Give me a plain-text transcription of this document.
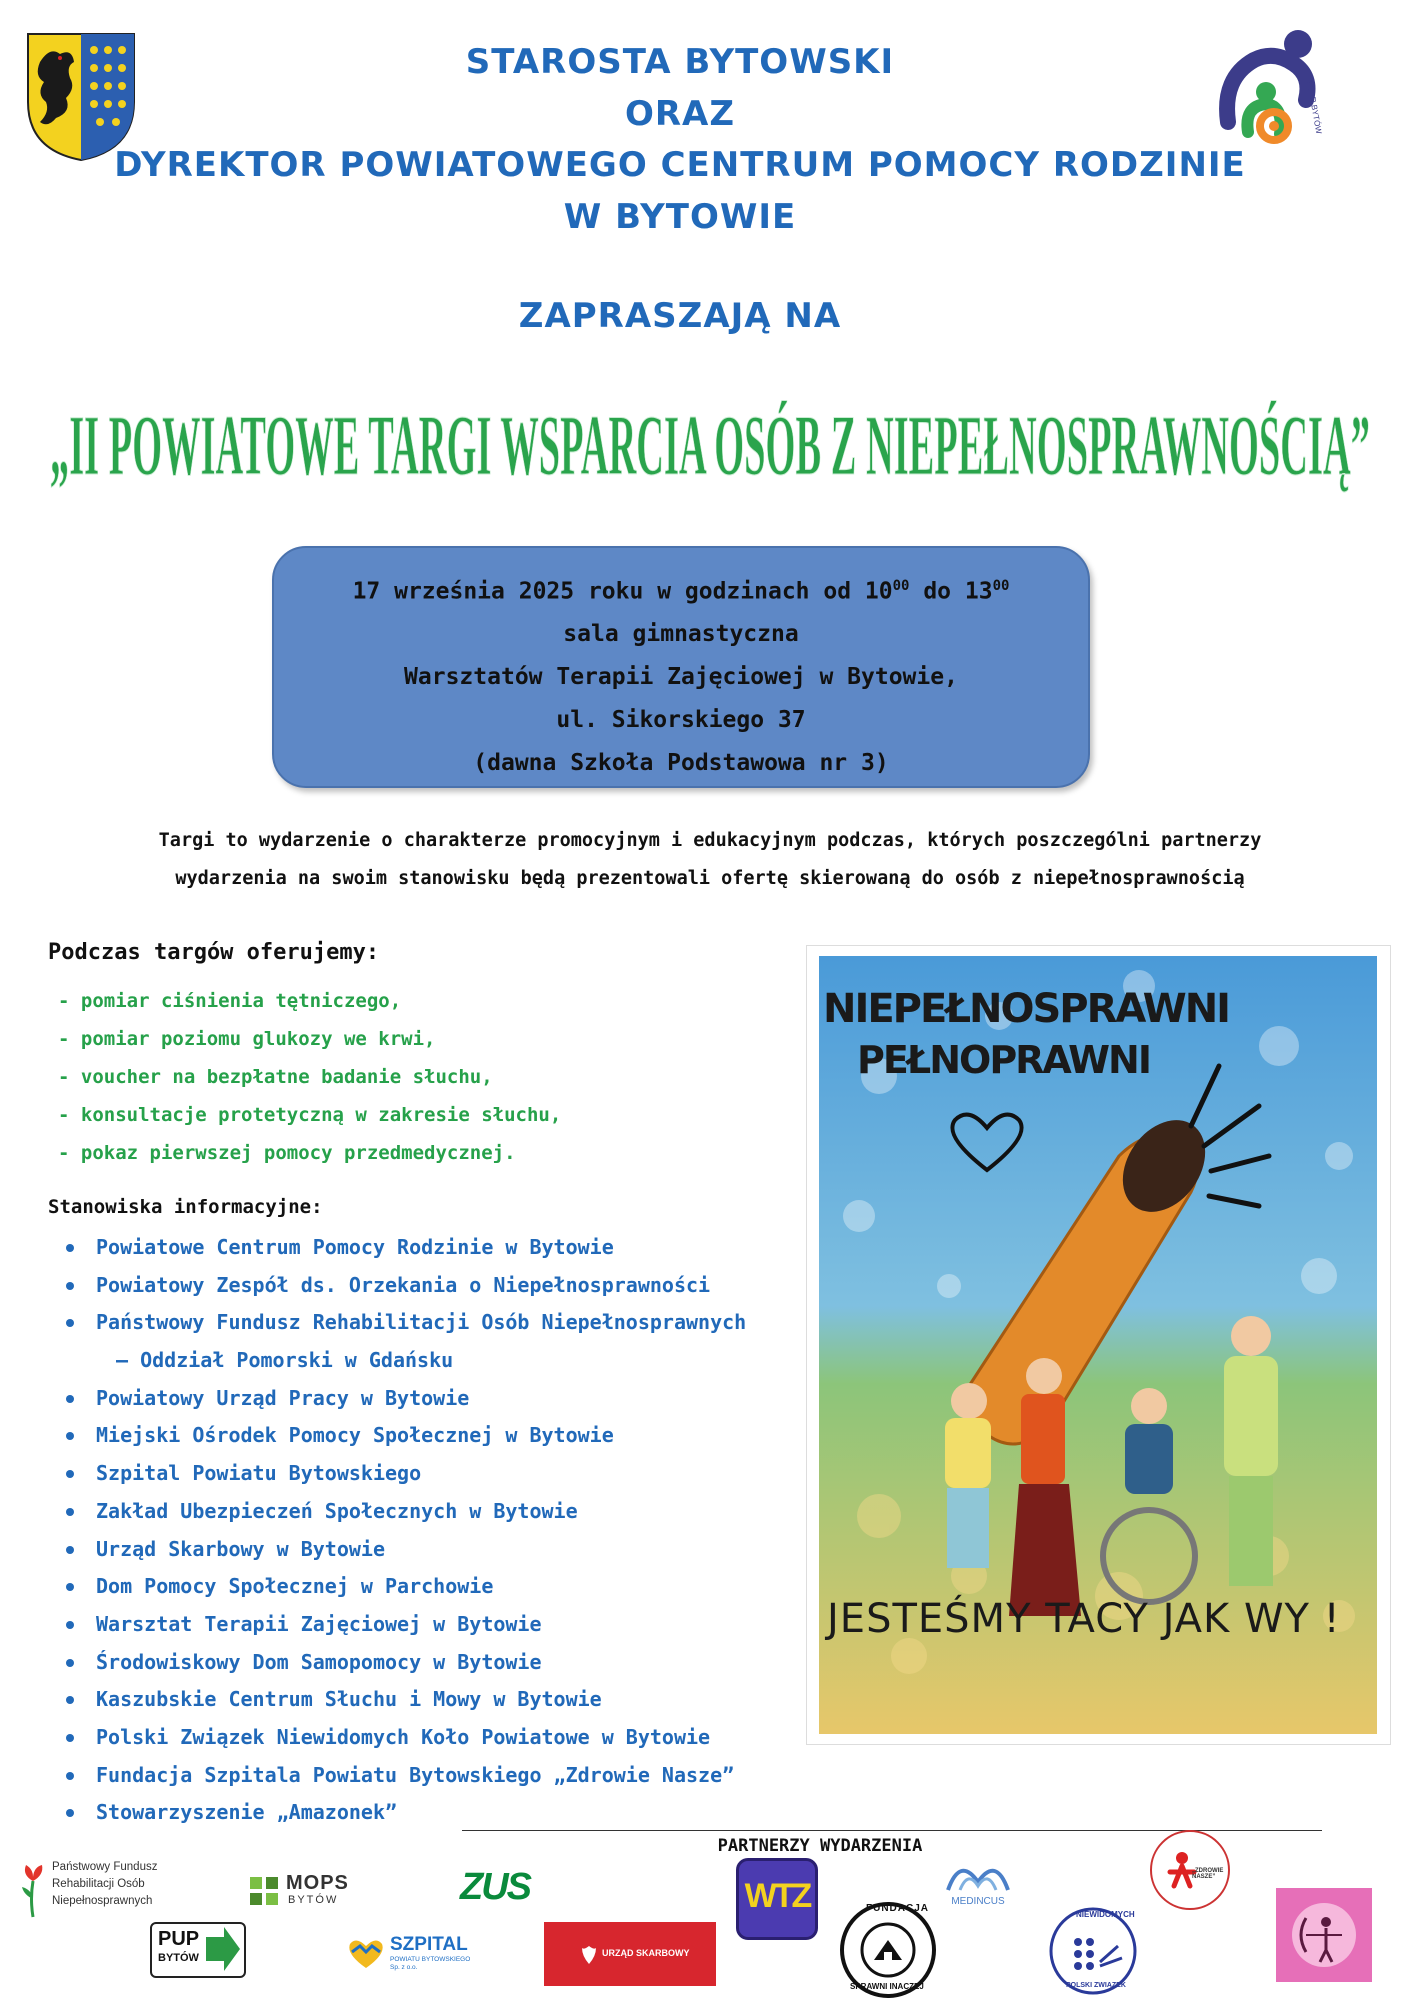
STAROSTA BYTOWSKI
ORAZ
DYREKTOR POWIATOWEGO CENTRUM POMOCY RODZINIE
W BYTOWIE
ZAPRASZAJĄ NA
PCPR BYTÓW
„II POWIATOWE TARGI WSPARCIA OSÓB Z NIEPEŁNOSPRAWNOŚCIĄ”
17 września 2025 roku w godzinach od $10^{00}$ do $13^{00}$
sala gimnastyczna
Warsztatów Terapii Zajęciowej w Bytowie,
ul. Sikorskiego 37
(dawna Szkoła Podstawowa nr 3)
Targi to wydarzenie o charakterze promocyjnym i edukacyjnym podczas, których poszczególni partnerzy
wydarzenia na swoim stanowisku będą prezentowali ofertę skierowaną do osób z niepełnosprawnością
Podczas targów oferujemy:
- pomiar ciśnienia tętniczego,
- pomiar poziomu glukozy we krwi,
- voucher na bezpłatne badanie słuchu,
- konsultacje protetyczną w zakresie słuchu,
- pokaz pierwszej pomocy przedmedycznej.
Stanowiska informacyjne:
Powiatowe Centrum Pomocy Rodzinie w Bytowie
Powiatowy Zespół ds. Orzekania o Niepełnosprawności
Państwowy Fundusz Rehabilitacji Osób Niepełnosprawnych
– Oddział Pomorski w Gdańsku
Powiatowy Urząd Pracy w Bytowie
Miejski Ośrodek Pomocy Społecznej w Bytowie
Szpital Powiatu Bytowskiego
Zakład Ubezpieczeń Społecznych w Bytowie
Urząd Skarbowy w Bytowie
Dom Pomocy Społecznej w Parchowie
Warsztat Terapii Zajęciowej w Bytowie
Środowiskowy Dom Samopomocy w Bytowie
Kaszubskie Centrum Słuchu i Mowy w Bytowie
Polski Związek Niewidomych Koło Powiatowe w Bytowie
Fundacja Szpitala Powiatu Bytowskiego „Zdrowie Nasze”
Stowarzyszenie „Amazonek”
NIEPEŁNOSPRAWNI
PEŁNOPRAWNI
JESTEŚMY TACY JAK WY !
PARTNERZY WYDARZENIA
Państwowy Fundusz
Rehabilitacji Osób
Niepełnosprawnych
MOPS
BYTÓW	ZUS	WTZ	MEDINCUS
„ZDROWIE NASZE”
PUP
BYTÓW
SZPITAL
POWIATU BYTOWSKIEGO
Sp. z o.o.
URZĄD SKARBOWY
FUNDACJA
SPRAWNI INACZEJ
NIEWIDOMYCH
POLSKI ZWIĄZEK
